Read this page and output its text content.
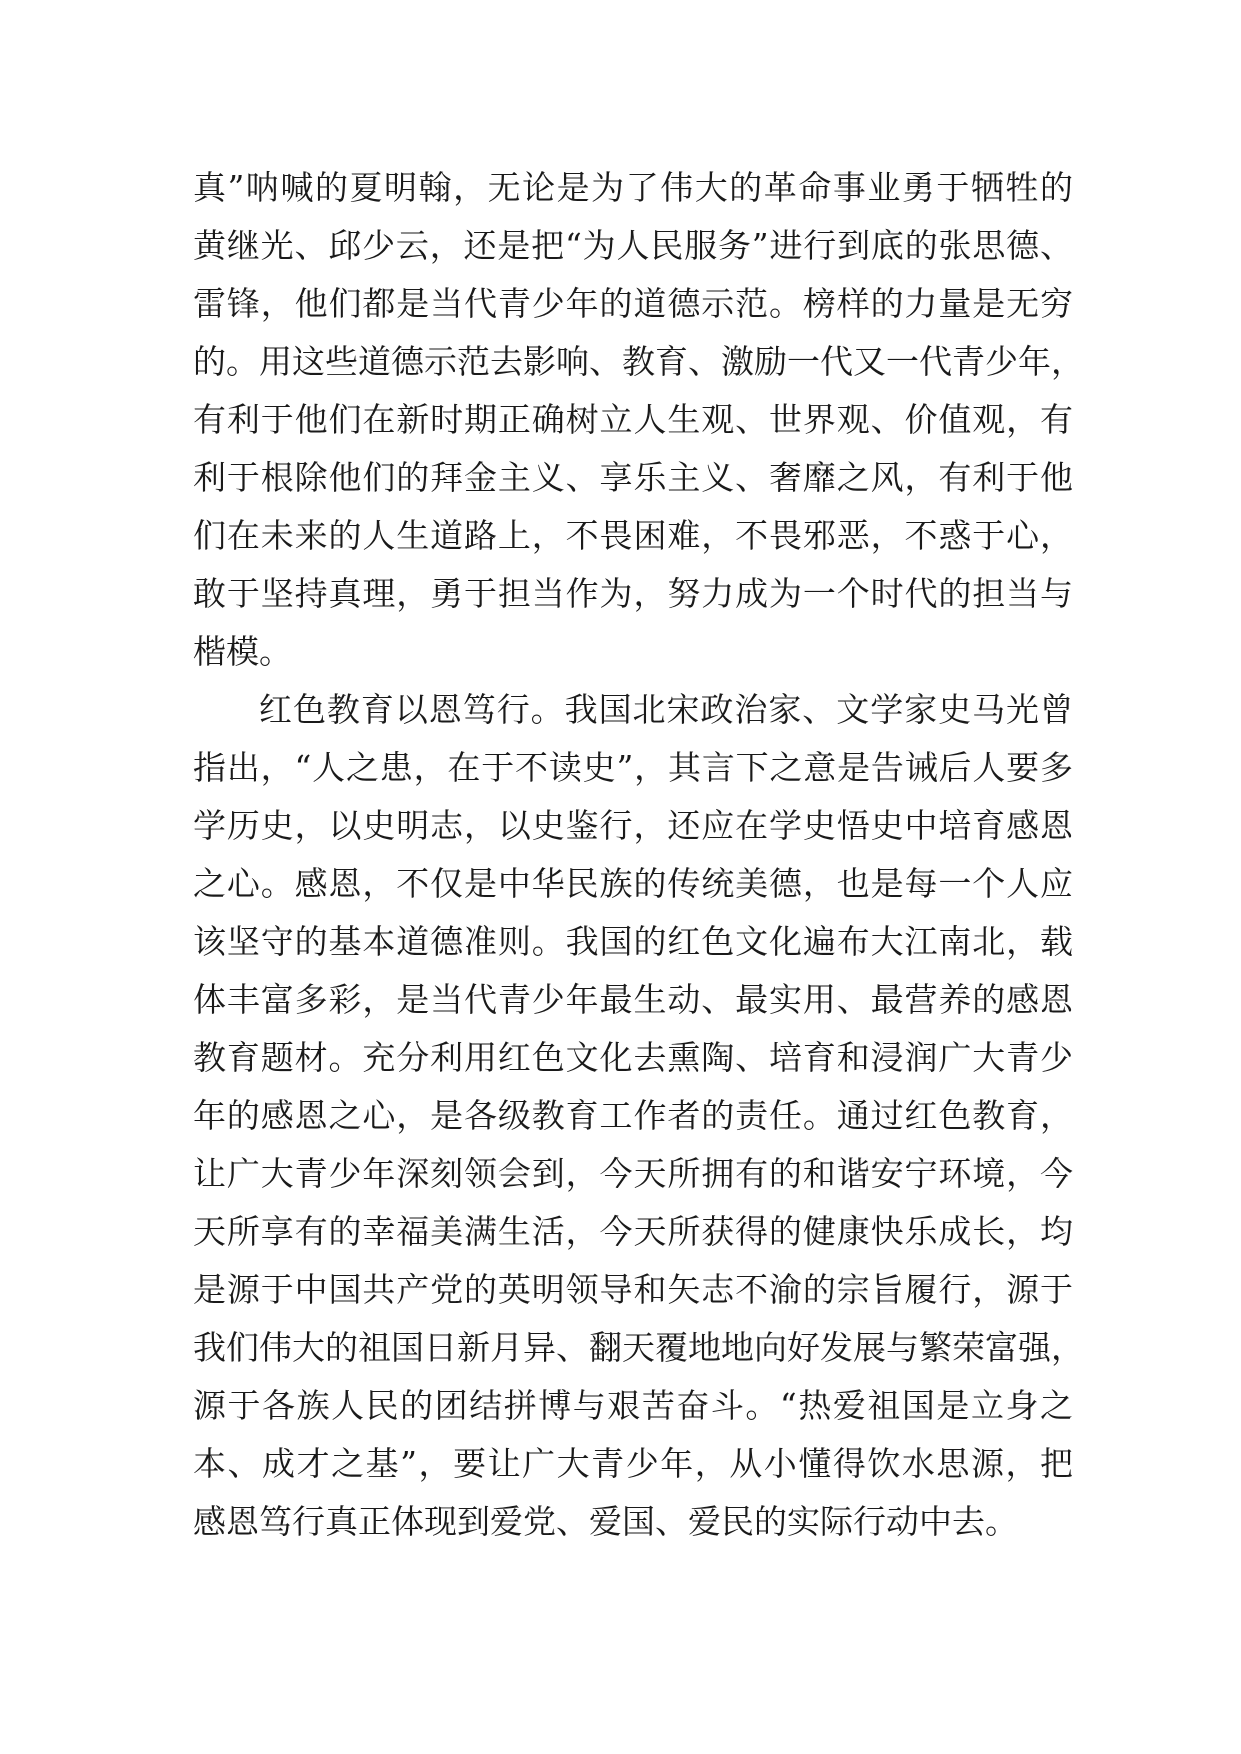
真”呐喊的夏明翰，无论是为了伟大的革命事业勇于牺牲的
黄继光、邱少云，还是把“为人民服务”进行到底的张思德、
雷锋，他们都是当代青少年的道德示范。榜样的力量是无穷
的。用这些道德示范去影响、教育、激励一代又一代青少年，
有利于他们在新时期正确树立人生观、世界观、价值观，有
利于根除他们的拜金主义、享乐主义、奢靡之风，有利于他
们在未来的人生道路上，不畏困难，不畏邪恶，不惑于心，
敢于坚持真理，勇于担当作为，努力成为一个时代的担当与
楷模。
红色教育以恩笃行。我国北宋政治家、文学家史马光曾
指出，“人之患，在于不读史”，其言下之意是告诫后人要多
学历史，以史明志，以史鉴行，还应在学史悟史中培育感恩
之心。感恩，不仅是中华民族的传统美德，也是每一个人应
该坚守的基本道德准则。我国的红色文化遍布大江南北，载
体丰富多彩，是当代青少年最生动、最实用、最营养的感恩
教育题材。充分利用红色文化去熏陶、培育和浸润广大青少
年的感恩之心，是各级教育工作者的责任。通过红色教育，
让广大青少年深刻领会到，今天所拥有的和谐安宁环境，今
天所享有的幸福美满生活，今天所获得的健康快乐成长，均
是源于中国共产党的英明领导和矢志不渝的宗旨履行，源于
我们伟大的祖国日新月异、翻天覆地地向好发展与繁荣富强，
源于各族人民的团结拼博与艰苦奋斗。“热爱祖国是立身之
本、成才之基”，要让广大青少年，从小懂得饮水思源，把
感恩笃行真正体现到爱党、爱国、爱民的实际行动中去。
